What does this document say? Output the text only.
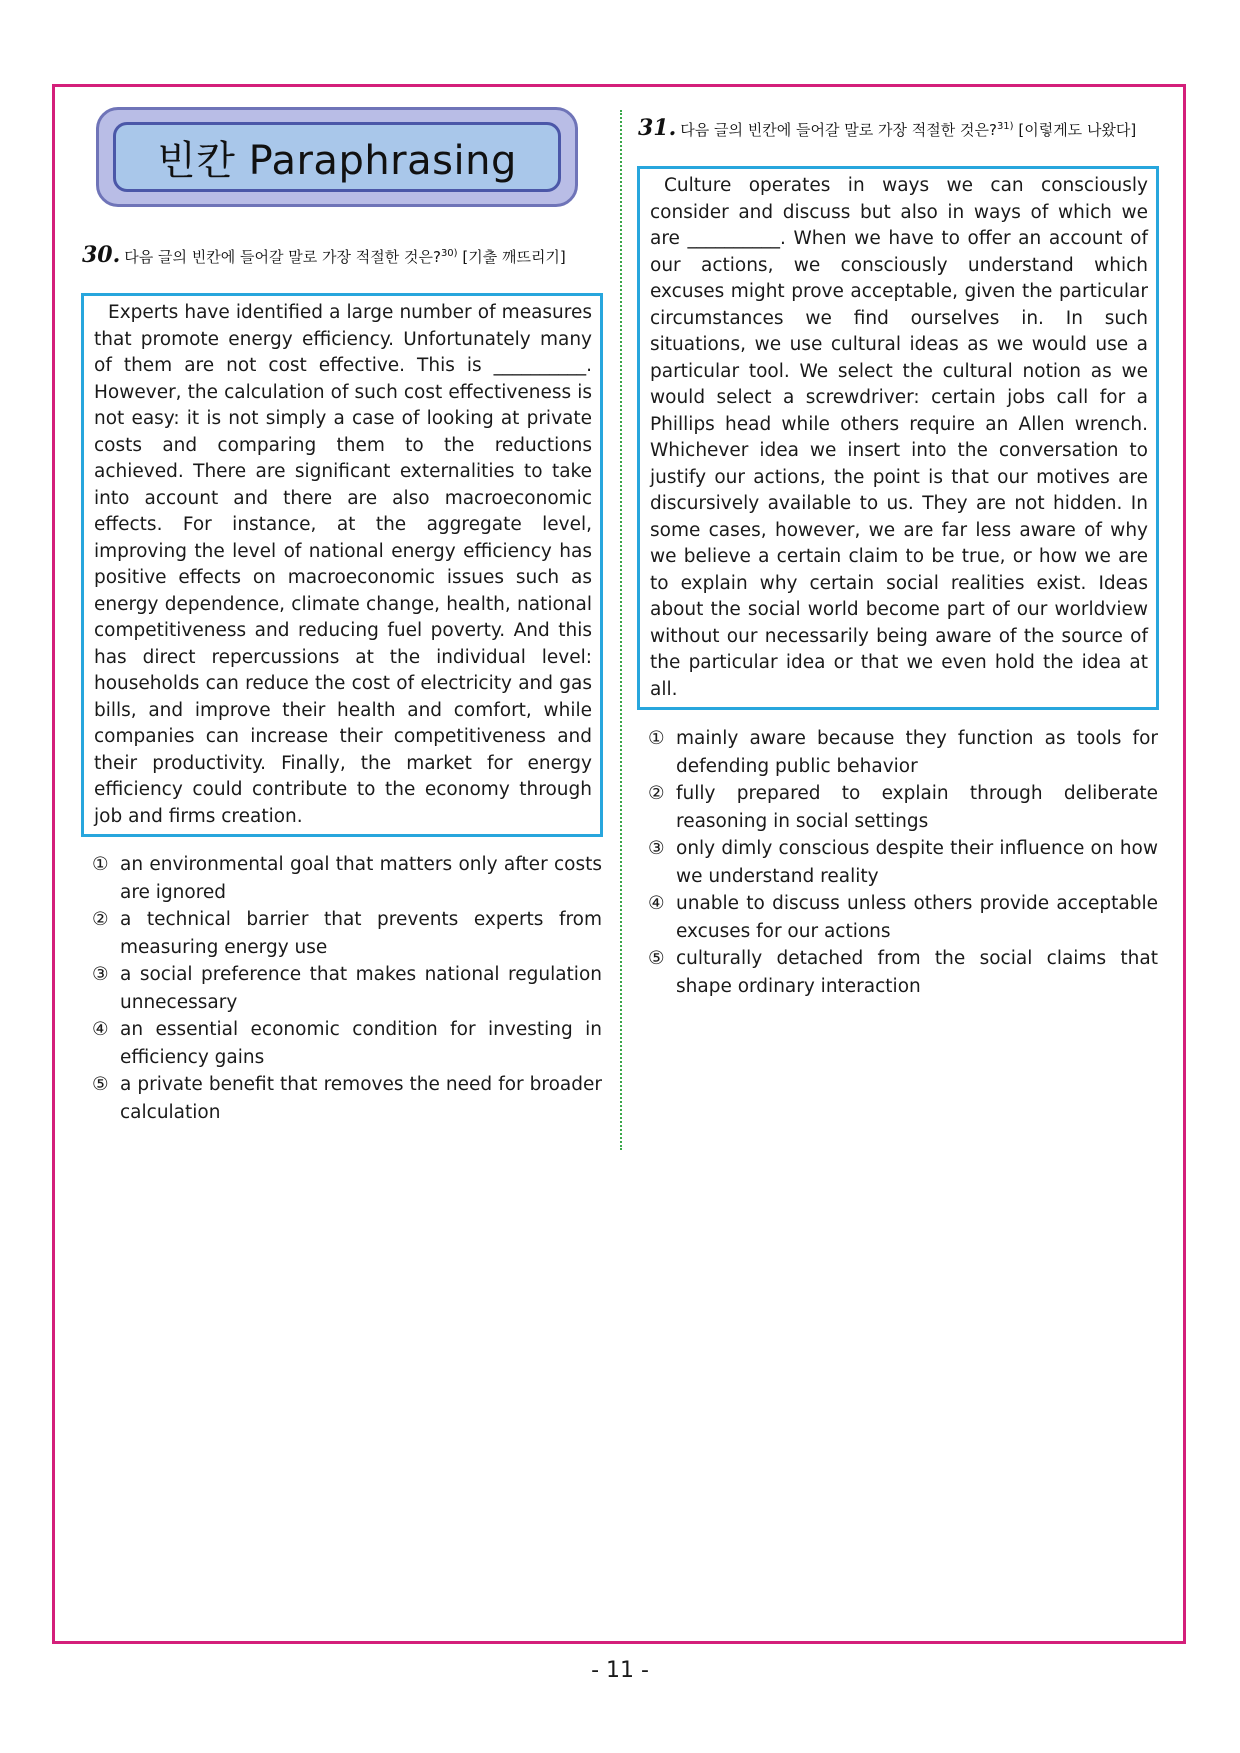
빈칸 Paraphrasing
30. 다음 글의 빈칸에 들어갈 말로 가장 적절한 것은?$^{30)}$ [기출 깨뜨리기]
Experts have identified a large number of measures that promote energy efficiency. Unfortunately many of them are not cost effective. This is __________. However, the calculation of such cost effectiveness is not easy: it is not simply a case of looking at private costs and comparing them to the reductions achieved. There are significant externalities to take into account and there are also macroeconomic effects. For instance, at the aggregate level, improving the level of national energy efficiency has positive effects on macroeconomic issues such as energy dependence, climate change, health, national competitiveness and reducing fuel poverty. And this has direct repercussions at the individual level: households can reduce the cost of electricity and gas bills, and improve their health and comfort, while companies can increase their competitiveness and their productivity. Finally, the market for energy efficiency could contribute to the economy through job and firms creation.
① an environmental goal that matters only after costs are ignored
② a technical barrier that prevents experts from measuring energy use
③ a social preference that makes national regulation unnecessary
④ an essential economic condition for investing in efficiency gains
⑤ a private benefit that removes the need for broader calculation
31. 다음 글의 빈칸에 들어갈 말로 가장 적절한 것은?$^{31)}$ [이렇게도 나왔다]
Culture operates in ways we can consciously consider and discuss but also in ways of which we are __________. When we have to offer an account of our actions, we consciously understand which excuses might prove acceptable, given the particular circumstances we find ourselves in. In such situations, we use cultural ideas as we would use a particular tool. We select the cultural notion as we would select a screwdriver: certain jobs call for a Phillips head while others require an Allen wrench. Whichever idea we insert into the conversation to justify our actions, the point is that our motives are discursively available to us. They are not hidden. In some cases, however, we are far less aware of why we believe a certain claim to be true, or how we are to explain why certain social realities exist. Ideas about the social world become part of our worldview without our necessarily being aware of the source of the particular idea or that we even hold the idea at all.
① mainly aware because they function as tools for defending public behavior
② fully prepared to explain through deliberate reasoning in social settings
③ only dimly conscious despite their influence on how we understand reality
④ unable to discuss unless others provide acceptable excuses for our actions
⑤ culturally detached from the social claims that shape ordinary interaction
- 11 -
